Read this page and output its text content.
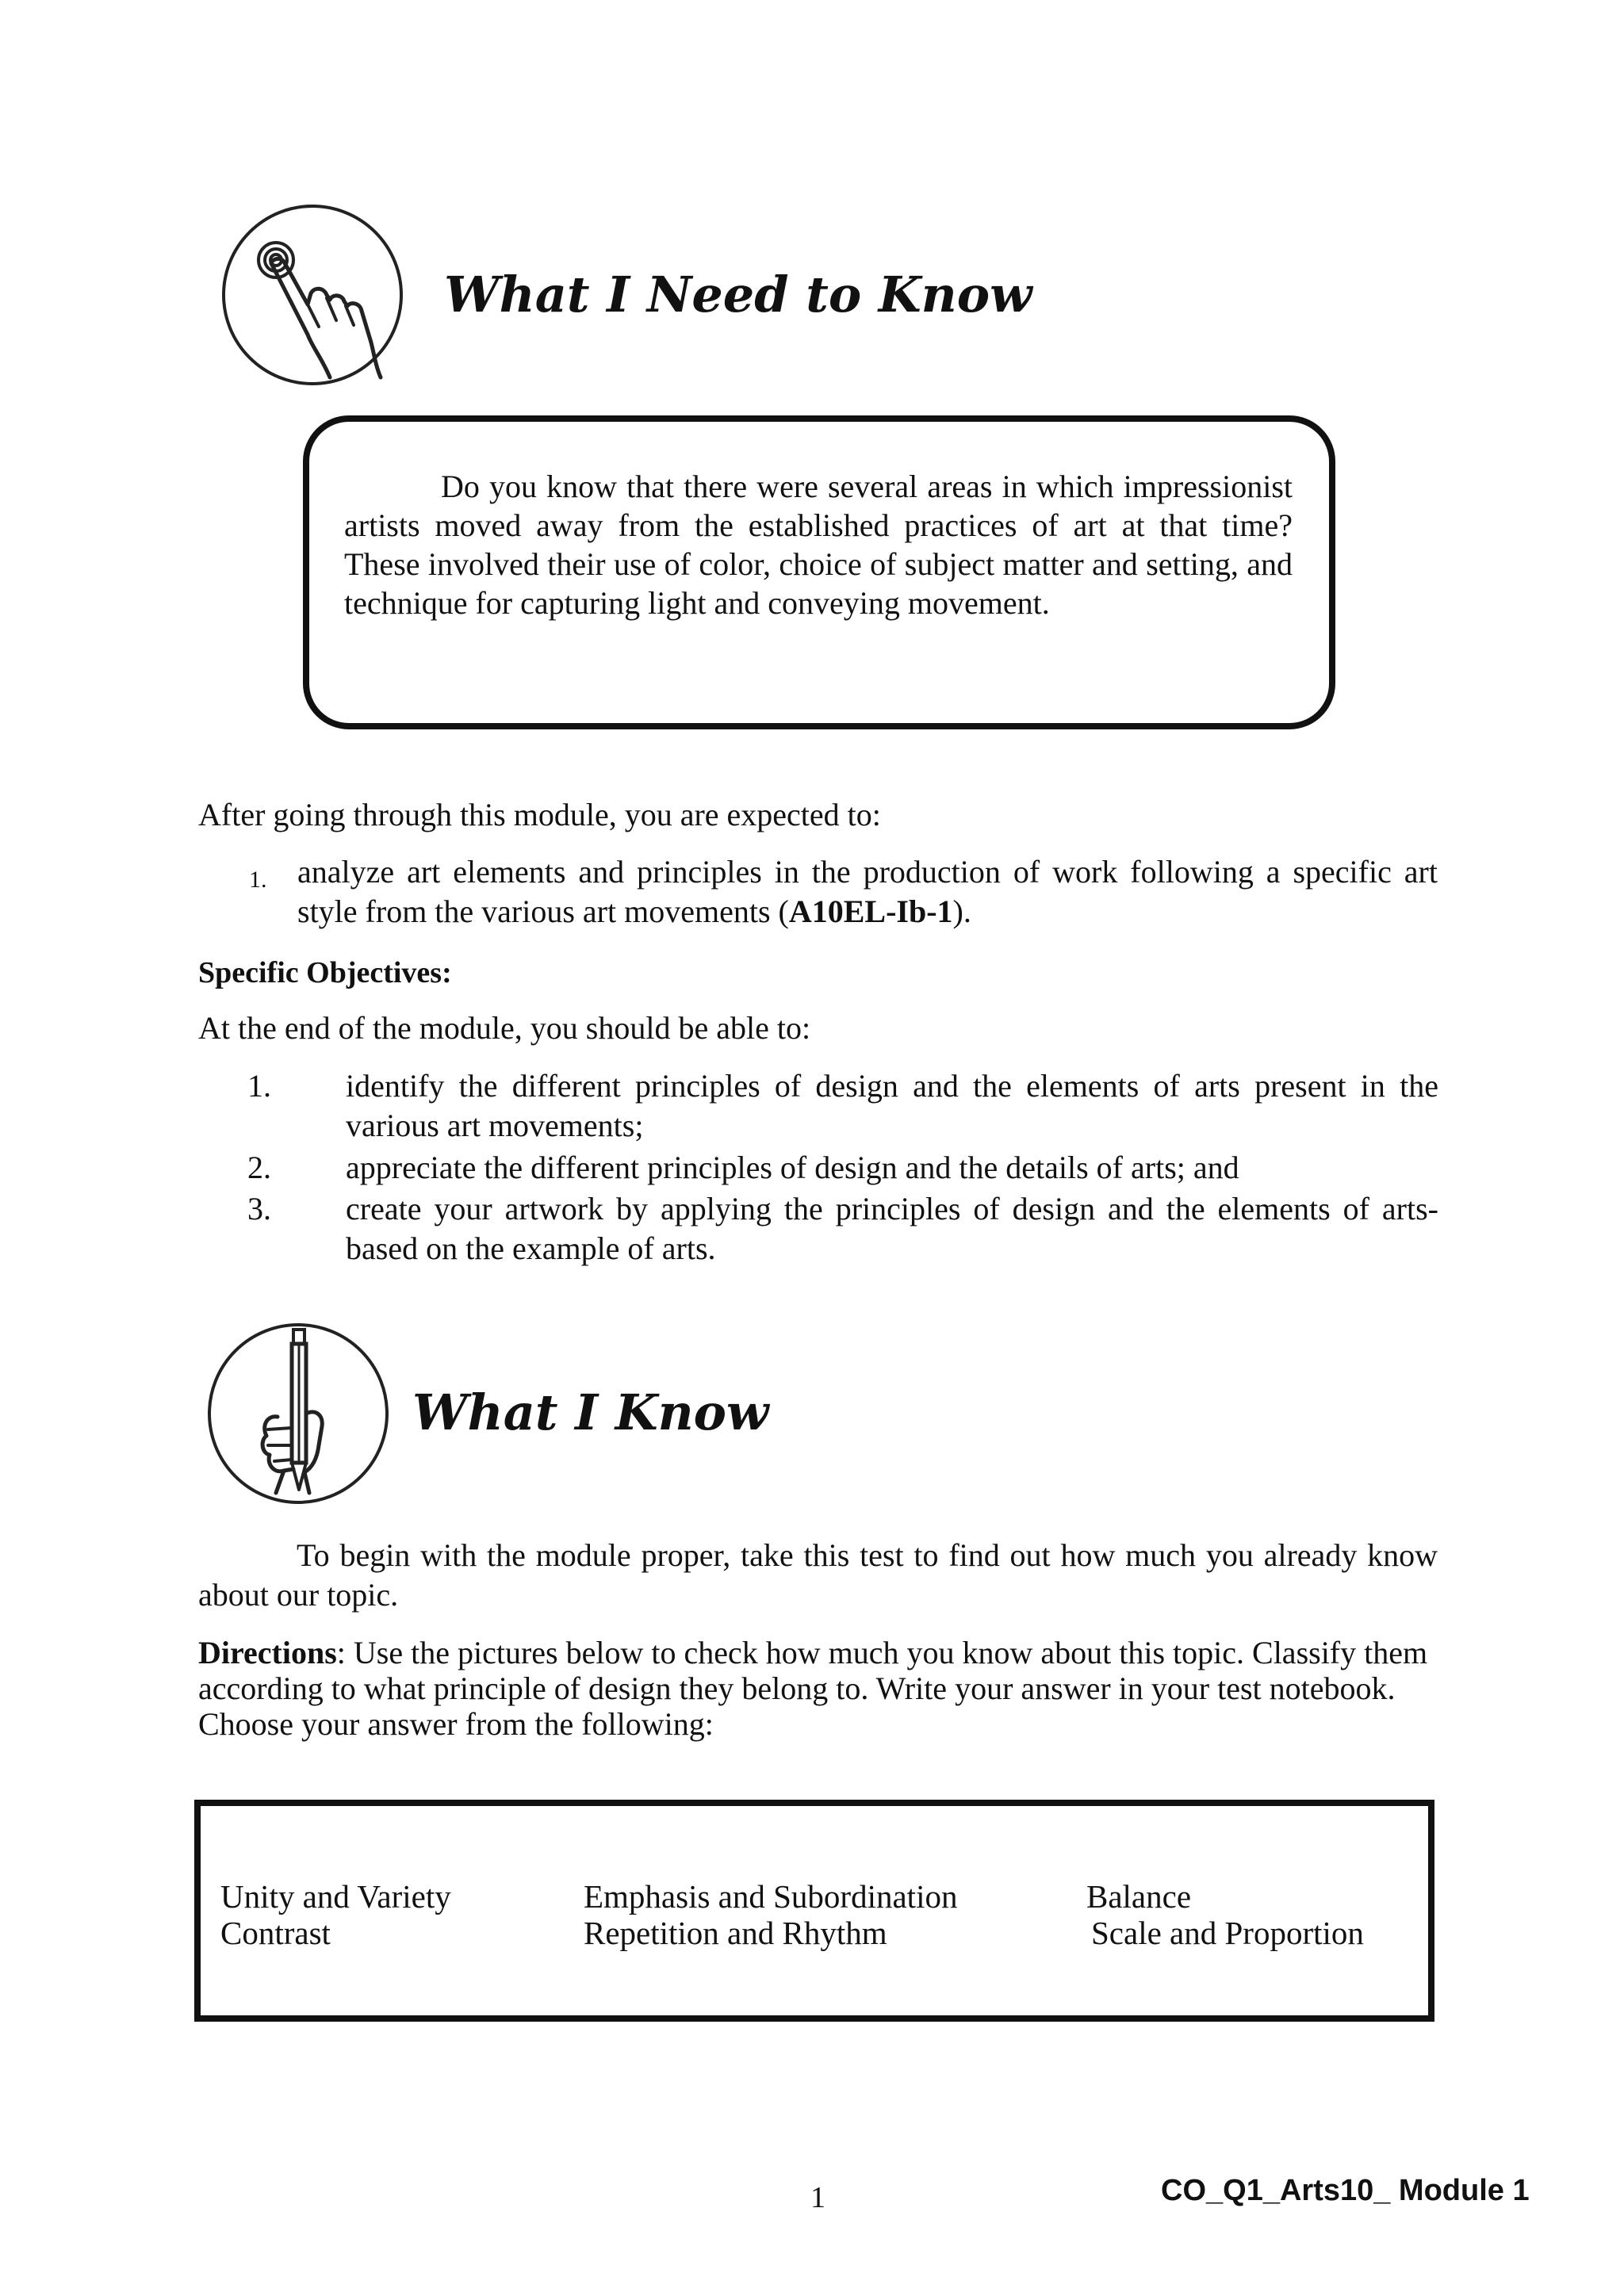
What I Need to Know
Do you know that there were several areas in which impressionist artists moved away from the established practices of art at that time? These involved their use of color, choice of subject matter and setting, and technique for capturing light and conveying movement.
After going through this module, you are expected to:
1. analyze art elements and principles in the production of work following a specific art style from the various art movements (A10EL-Ib-1).
Specific Objectives:
At the end of the module, you should be able to:
1. identify the different principles of design and the elements of arts present in the various art movements;
2. appreciate the different principles of design and the details of arts; and
3. create your artwork by applying the principles of design and the elements of arts-based on the example of arts.
What I Know
To begin with the module proper, take this test to find out how much you already know about our topic.
Directions: Use the pictures below to check how much you know about this topic. Classify them according to what principle of design they belong to. Write your answer in your test notebook. Choose your answer from the following:
Unity and Variety	Emphasis and Subordination	Balance
Contrast	Repetition and Rhythm	Scale and Proportion
1	CO_Q1_Arts10_ Module 1
